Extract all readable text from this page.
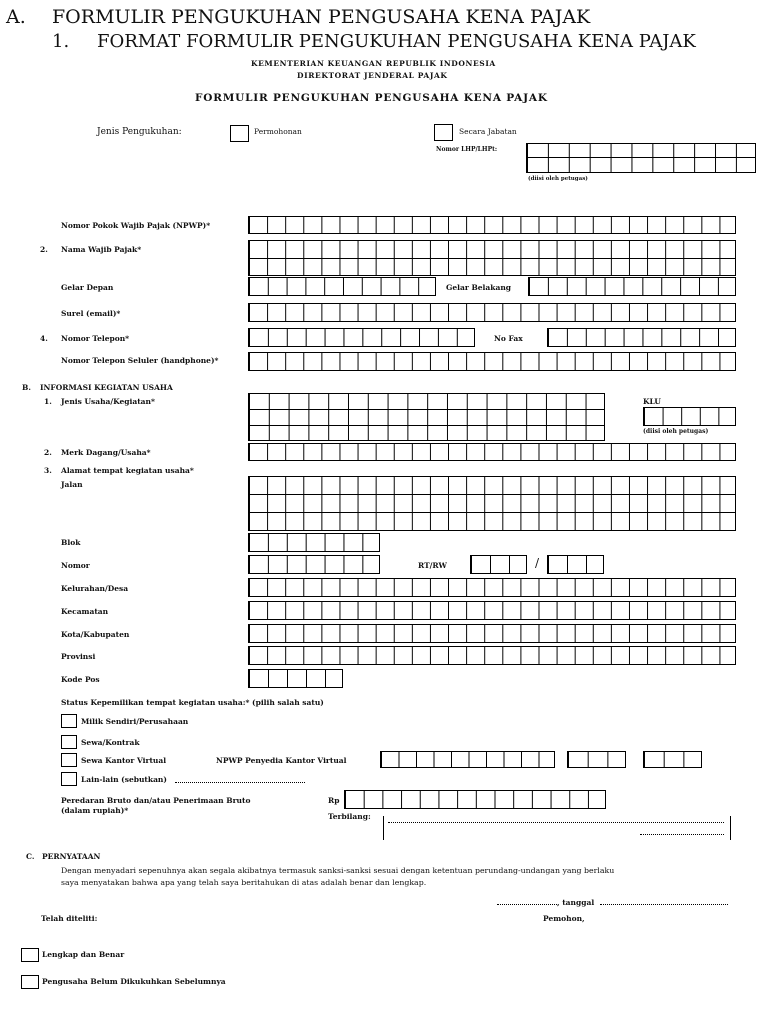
A. FORMULIR PENGUKUHAN PENGUSAHA KENA PAJAK
1. FORMAT FORMULIR PENGUKUHAN PENGUSAHA KENA PAJAK
KEMENTERIAN KEUANGAN REPUBLIK INDONESIA
DIREKTORAT JENDERAL PAJAK
FORMULIR PENGUKUHAN PENGUSAHA KENA PAJAK
Jenis Pengukuhan:	Permohonan	Secara Jabatan
Nomor LHP/LHPt:
(diisi oleh petugas)
Nomor Pokok Wajib Pajak (NPWP)*
2. Nama Wajib Pajak*
Gelar Depan	Gelar Belakang
Surel (email)*
4. Nomor Telepon*	No Fax
Nomor Telepon Seluler (handphone)*
B. INFORMASI KEGIATAN USAHA
1. Jenis Usaha/Kegiatan*	KLU
(diisi oleh petugas)
2. Merk Dagang/Usaha*
3. Alamat tempat kegiatan usaha*
Jalan
Blok
Nomor	RT/RW	/
Kelurahan/Desa
Kecamatan
Kota/Kabupaten
Provinsi
Kode Pos
Status Kepemilikan tempat kegiatan usaha:* (pilih salah satu)
Milik Sendiri/Perusahaan
Sewa/Kontrak
Sewa Kantor Virtual	NPWP Penyedia Kantor Virtual
Lain-lain (sebutkan)
Peredaran Bruto dan/atau Penerimaan Bruto
(dalam rupiah)*
Rp
Terbilang:
C. PERNYATAAN
Dengan menyadari sepenuhnya akan segala akibatnya termasuk sanksi-sanksi sesuai dengan ketentuan perundang-undangan yang berlaku
saya menyatakan bahwa apa yang telah saya beritahukan di atas adalah benar dan lengkap.
, tanggal
Telah diteliti:	Pemohon,
Lengkap dan Benar
Pengusaha Belum Dikukuhkan Sebelumnya
